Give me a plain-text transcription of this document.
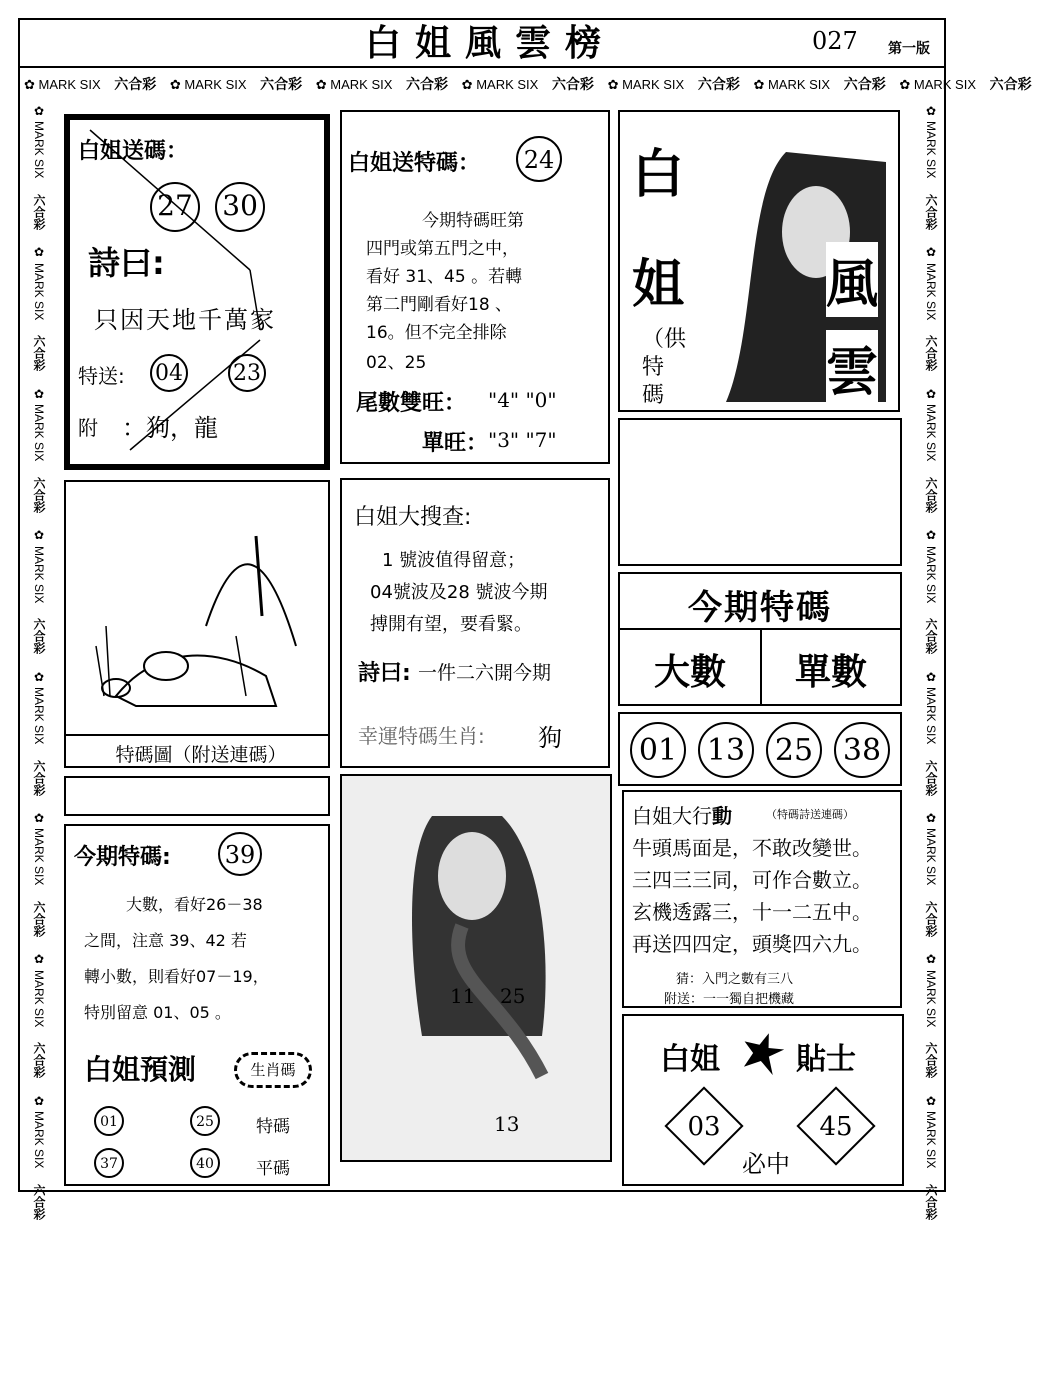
白姐風雲榜	027	第一版
✿ MARK SIX 六合彩 ✿ MARK SIX 六合彩 ✿ MARK SIX 六合彩 ✿ MARK SIX 六合彩 ✿ MARK SIX 六合彩 ✿ MARK SIX 六合彩 ✿ MARK SIX 六合彩
✿ MARK SIX 六合彩 ✿ MARK SIX 六合彩 ✿ MARK SIX 六合彩 ✿ MARK SIX 六合彩 ✿ MARK SIX 六合彩 ✿ MARK SIX 六合彩 ✿ MARK SIX 六合彩 ✿ MARK SIX 六合彩
✿ MARK SIX 六合彩 ✿ MARK SIX 六合彩 ✿ MARK SIX 六合彩 ✿ MARK SIX 六合彩 ✿ MARK SIX 六合彩 ✿ MARK SIX 六合彩 ✿ MARK SIX 六合彩 ✿ MARK SIX 六合彩
白姐送碼：
27 30
詩曰:
只因天地千萬家
特送: 04 23
附 ：狗，龍
特碼圖（附送連碼）
今期特碼: 39
大數，看好26－38
之間，注意 39、42 若
轉小數，則看好07－19，
特別留意 01、05 。
白姐預測	生肖碼
01	25	特碼
37	40	平碼
白姐送特碼：	24
今期特碼旺第
四門或第五門之中，
看好 31、45 。若轉
第二門剛看好18 、
16。但不完全排除
02、25
尾數雙旺： "4" "0"
單旺： "3" "7"
白姐大搜查:
1 號波值得留意；
04號波及28 號波今期
搏開有望，要看緊。
詩曰: 一件二六開今期
幸運特碼生肖: 狗
11 25
13
白
姐	風
雲
（供特碼
今期特碼
大數	單數
01 13 25 38
白姐大行動	（特碼詩送連碼）
牛頭馬面是，不敢改變世。
三四三三同，可作合數立。
玄機透露三，十一二五中。
再送四四定，頭獎四六九。
猜：入門之數有三八
附送：一一獨自把機藏
白姐	貼士
03	45
必中
